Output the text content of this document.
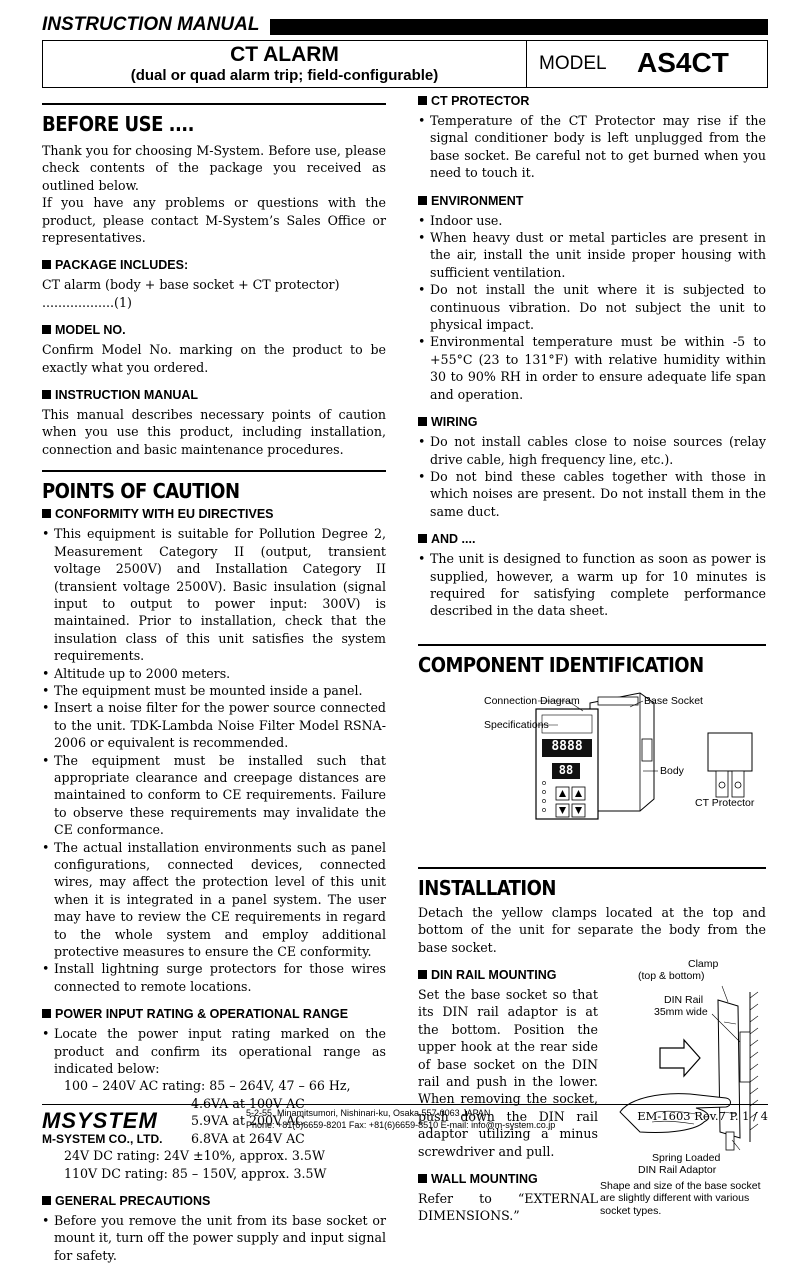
INSTRUCTION MANUAL
CT ALARM
(dual or quad alarm trip; field-configurable)
MODEL AS4CT
BEFORE USE ....

Thank you for choosing M-System. Before use, please check contents of the package you received as outlined below.

If you have any problems or questions with the product, please contact M-System’s Sales Office or representatives.

PACKAGE INCLUDES:

CT alarm (body + base socket + CT protector) ..................(1)

MODEL NO.

Confirm Model No. marking on the product to be exactly what you ordered.

INSTRUCTION MANUAL

This manual describes necessary points of caution when you use this product, including installation, connection and basic maintenance procedures.

POINTS OF CAUTION
CONFORMITY WITH EU DIRECTIVES
• This equipment is suitable for Pollution Degree 2, Measurement Category II (output, transient voltage 2500V) and Installation Category II (transient voltage 2500V). Basic insulation (signal input to output to power input: 300V) is maintained. Prior to installation, check that the insulation class of this unit satisfies the system requirements.
• Altitude up to 2000 meters.
• The equipment must be mounted inside a panel.
• Insert a noise filter for the power source connected to the unit. TDK-Lambda Noise Filter Model RSNA-2006 or equivalent is recommended.
• The equipment must be installed such that appropriate clearance and creepage distances are maintained to conform to CE requirements. Failure to observe these requirements may invalidate the CE conformance.
• The actual installation environments such as panel configurations, connected devices, connected wires, may affect the protection level of this unit when it is integrated in a panel system. The user may have to review the CE requirements in regard to the whole system and employ additional protective measures to ensure the CE conformity.
• Install lightning surge protectors for those wires connected to remote locations.
POWER INPUT RATING & OPERATIONAL RANGE
• Locate the power input rating marked on the product and confirm its operational range as indicated below:

100 – 240V AC rating: 85 – 264V, 47 – 66 Hz,

4.6VA at 100V AC

5.9VA at 200V AC

6.8VA at 264V AC

24V DC rating: 24V ±10%, approx. 3.5W

110V DC rating: 85 – 150V, approx. 3.5W

GENERAL PRECAUTIONS
• Before you remove the unit from its base socket or mount it, turn off the power supply and input signal for safety.
CT PROTECTOR
• Temperature of the CT Protector may rise if the signal conditioner body is left unplugged from the base socket. Be careful not to get burned when you need to touch it.
ENVIRONMENT
• Indoor use.
• When heavy dust or metal particles are present in the air, install the unit inside proper housing with sufficient ventilation.
• Do not install the unit where it is subjected to continuous vibration. Do not subject the unit to physical impact.
• Environmental temperature must be within -5 to +55°C (23 to 131°F) with relative humidity within 30 to 90% RH in order to ensure adequate life span and operation.
WIRING
• Do not install cables close to noise sources (relay drive cable, high frequency line, etc.).
• Do not bind these cables together with those in which noises are present. Do not install them in the same duct.
AND ....
• The unit is designed to function as soon as power is supplied, however, a warm up for 10 minutes is required for satisfying complete performance described in the data sheet.
COMPONENT IDENTIFICATION
Connection Diagram
Specifications
Base Socket
Body
CT Protector
8888
88
INSTALLATION

Detach the yellow clamps located at the top and bottom of the unit for separate the body from the base socket.

DIN RAIL MOUNTING

Set the base socket so that its DIN rail adaptor is at the bottom. Position the upper hook at the rear side of base socket on the DIN rail and push in the lower. When removing the socket, push down the DIN rail adaptor utilizing a minus screwdriver and pull.

WALL MOUNTING

Refer to “EXTERNAL DIMENSIONS.”

Clamp
(top & bottom)
DIN Rail
35mm wide
Spring Loaded
DIN Rail Adaptor

Shape and size of the base socket are slightly different with various socket types.

MSYSTEM
M-SYSTEM CO., LTD.
5-2-55, Minamitsumori, Nishinari-ku, Osaka 557-0063 JAPAN
Phone: +81(6)6659-8201 Fax: +81(6)6659-8510 E-mail: info@m-system.co.jp
EM-1603 Rev.7 P. 1 / 4
